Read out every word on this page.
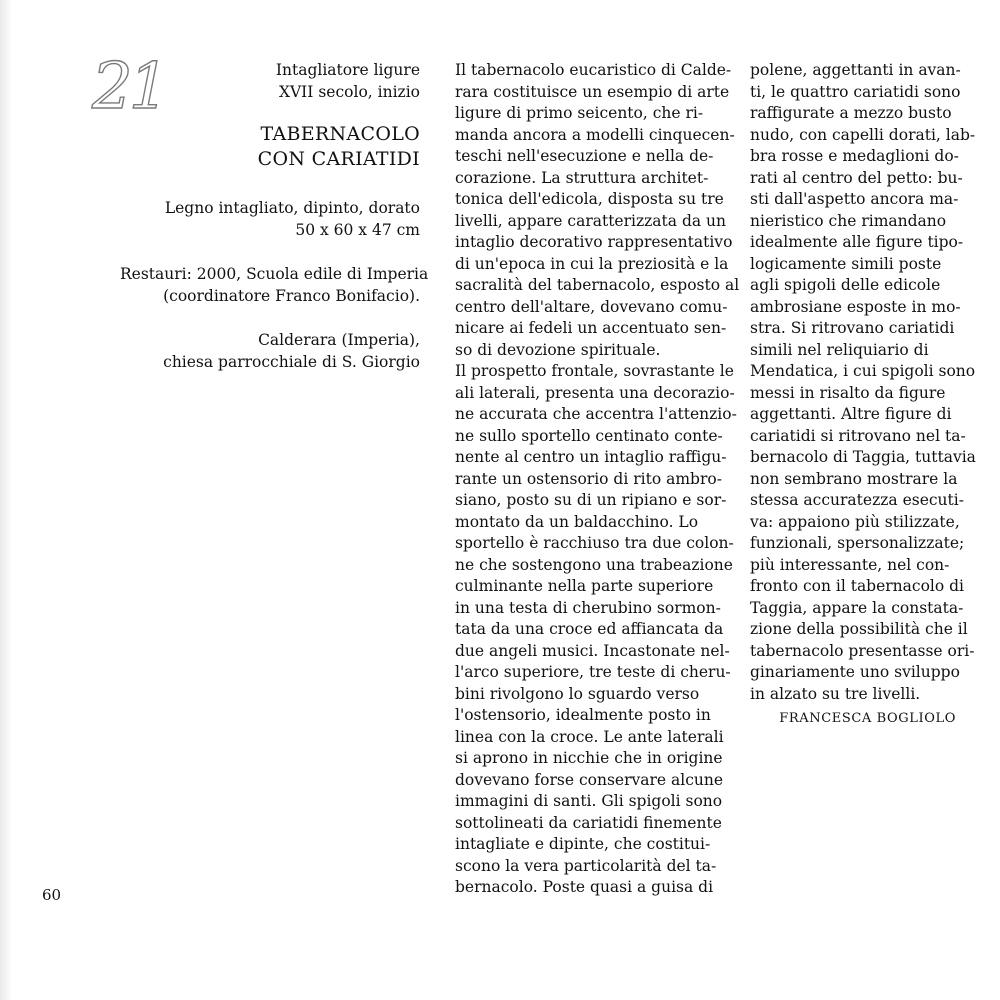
21	Intagliatore ligure
XVII secolo, inizio
TABERNACOLO
CON CARIATIDI
Legno intagliato, dipinto, dorato
50 x 60 x 47 cm
Restauri: 2000, Scuola edile di Imperia
(coordinatore Franco Bonifacio).
Calderara (Imperia),
chiesa parrocchiale di S. Giorgio
Il tabernacolo eucaristico di Calde-
rara costituisce un esempio di arte
ligure di primo seicento, che ri-
manda ancora a modelli cinquecen-
teschi nell'esecuzione e nella de-
corazione. La struttura architet-
tonica dell'edicola, disposta su tre
livelli, appare caratterizzata da un
intaglio decorativo rappresentativo
di un'epoca in cui la preziosità e la
sacralità del tabernacolo, esposto al
centro dell'altare, dovevano comu-
nicare ai fedeli un accentuato sen-
so di devozione spirituale.
Il prospetto frontale, sovrastante le
ali laterali, presenta una decorazio-
ne accurata che accentra l'attenzio-
ne sullo sportello centinato conte-
nente al centro un intaglio raffigu-
rante un ostensorio di rito ambro-
siano, posto su di un ripiano e sor-
montato da un baldacchino. Lo
sportello è racchiuso tra due colon-
ne che sostengono una trabeazione
culminante nella parte superiore
in una testa di cherubino sormon-
tata da una croce ed affiancata da
due angeli musici. Incastonate nel-
l'arco superiore, tre teste di cheru-
bini rivolgono lo sguardo verso
l'ostensorio, idealmente posto in
linea con la croce. Le ante laterali
si aprono in nicchie che in origine
dovevano forse conservare alcune
immagini di santi. Gli spigoli sono
sottolineati da cariatidi finemente
intagliate e dipinte, che costitui-
scono la vera particolarità del ta-
bernacolo. Poste quasi a guisa di
polene, aggettanti in avan-
ti, le quattro cariatidi sono
raffigurate a mezzo busto
nudo, con capelli dorati, lab-
bra rosse e medaglioni do-
rati al centro del petto: bu-
sti dall'aspetto ancora ma-
nieristico che rimandano
idealmente alle figure tipo-
logicamente simili poste
agli spigoli delle edicole
ambrosiane esposte in mo-
stra. Si ritrovano cariatidi
simili nel reliquiario di
Mendatica, i cui spigoli sono
messi in risalto da figure
aggettanti. Altre figure di
cariatidi si ritrovano nel ta-
bernacolo di Taggia, tuttavia
non sembrano mostrare la
stessa accuratezza esecuti-
va: appaiono più stilizzate,
funzionali, spersonalizzate;
più interessante, nel con-
fronto con il tabernacolo di
Taggia, appare la constata-
zione della possibilità che il
tabernacolo presentasse ori-
ginariamente uno sviluppo
in alzato su tre livelli.
FRANCESCA BOGLIOLO
60
